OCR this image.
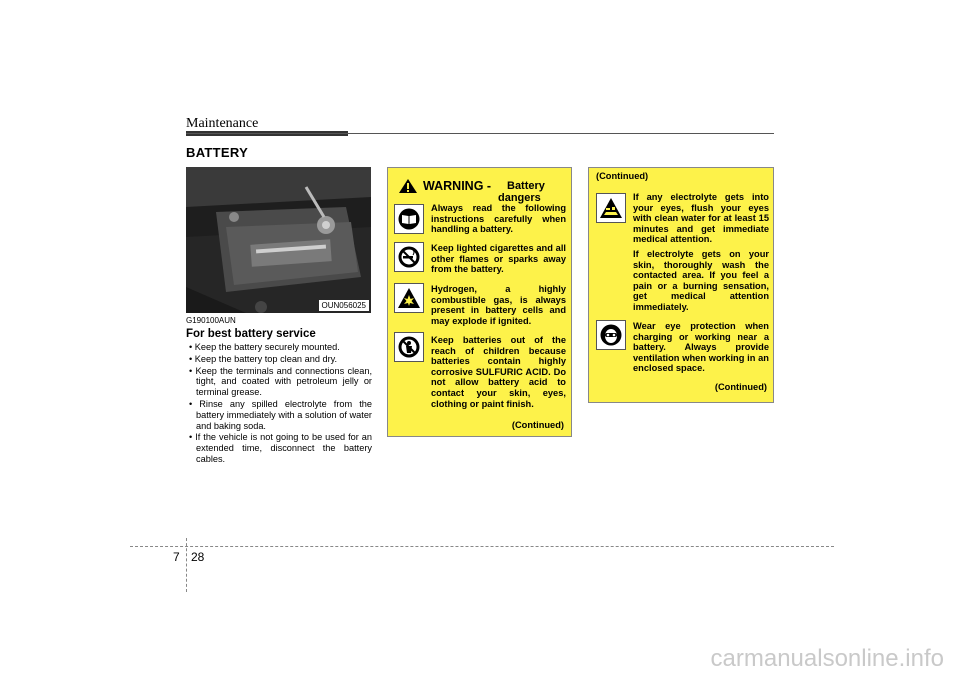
Maintenance
BATTERY
OUN056025
G190100AUN
For best battery service
• Keep the battery securely mounted.
• Keep the battery top clean and dry.
• Keep the terminals and connections clean, tight, and coated with petroleum jelly or terminal grease.
• Rinse any spilled electrolyte from the battery immediately with a solution of water and baking soda.
• If the vehicle is not going to be used for an extended time, disconnect the battery cables.
WARNING - Battery
dangers
Always read the following instructions carefully when handling a battery.
Keep lighted cigarettes and all other flames or sparks away from the battery.
Hydrogen, a highly combustible gas, is always present in battery cells and may explode if ignited.
Keep batteries out of the reach of children because batteries contain highly corrosive SULFURIC ACID. Do not allow battery acid to contact your skin, eyes, clothing or paint finish.
(Continued)
(Continued)
If any electrolyte gets into your eyes, flush your eyes with clean water for at least 15 minutes and get immediate medical attention.
If electrolyte gets on your skin, thoroughly wash the contacted area. If you feel a pain or a burning sensation, get medical attention immediately.
Wear eye protection when charging or working near a battery. Always provide ventilation when working in an enclosed space.
(Continued)
7 28
carmanualsonline.info
